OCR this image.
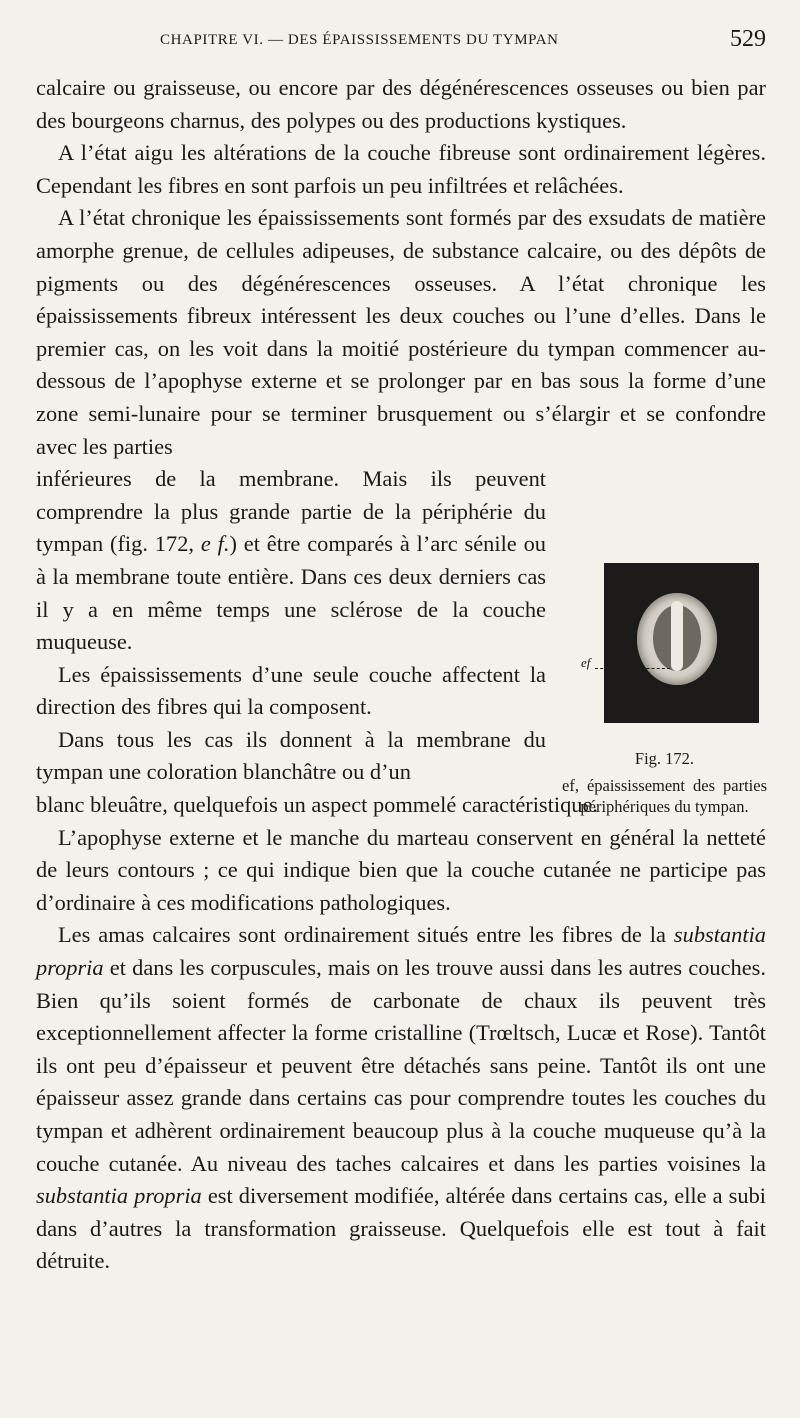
CHAPITRE VI. — DES ÉPAISSISSEMENTS DU TYMPAN	529

calcaire ou graisseuse, ou encore par des dégénérescences osseuses ou bien par des bourgeons charnus, des polypes ou des productions kystiques.

A l’état aigu les altérations de la couche fibreuse sont ordinairement légères. Cependant les fibres en sont parfois un peu infiltrées et relâchées.

A l’état chronique les épaississements sont formés par des exsudats de matière amorphe grenue, de cellules adipeuses, de substance calcaire, ou des dépôts de pigments ou des dégénérescences osseuses. A l’état chronique les épaississements fibreux intéressent les deux couches ou l’une d’elles. Dans le premier cas, on les voit dans la moitié postérieure du tympan commencer au-dessous de l’apophyse externe et se prolonger par en bas sous la forme d’une zone semi-lunaire pour se terminer brusquement ou s’élargir et se confondre avec les parties

inférieures de la membrane. Mais ils peuvent comprendre la plus grande partie de la périphérie du tympan (fig. 172, e f.) et être comparés à l’arc sénile ou à la membrane toute entière. Dans ces deux derniers cas il y a en même temps une sclérose de la couche muqueuse.

Les épaississements d’une seule couche affectent la direction des fibres qui la composent.

Dans tous les cas ils donnent à la membrane du tympan une coloration blanchâtre ou d’un

blanc bleuâtre, quelquefois un aspect pommelé caractéristique.

L’apophyse externe et le manche du marteau conservent en général la netteté de leurs contours ; ce qui indique bien que la couche cutanée ne participe pas d’ordinaire à ces modifications pathologiques.

Les amas calcaires sont ordinairement situés entre les fibres de la substantia propria et dans les corpuscules, mais on les trouve aussi dans les autres couches. Bien qu’ils soient formés de carbonate de chaux ils peuvent très exceptionnellement affecter la forme cristalline (Trœltsch, Lucæ et Rose). Tantôt ils ont peu d’épaisseur et peuvent être détachés sans peine. Tantôt ils ont une épaisseur assez grande dans certains cas pour comprendre toutes les couches du tympan et adhèrent ordinairement beaucoup plus à la couche muqueuse qu’à la couche cutanée. Au niveau des taches calcaires et dans les parties voisines la substantia propria est diversement modifiée, altérée dans certains cas, elle a subi dans d’autres la transformation graisseuse. Quelquefois elle est tout à fait détruite.

ef
Fig. 172.
ef, épaississement des parties périphériques du tympan.
